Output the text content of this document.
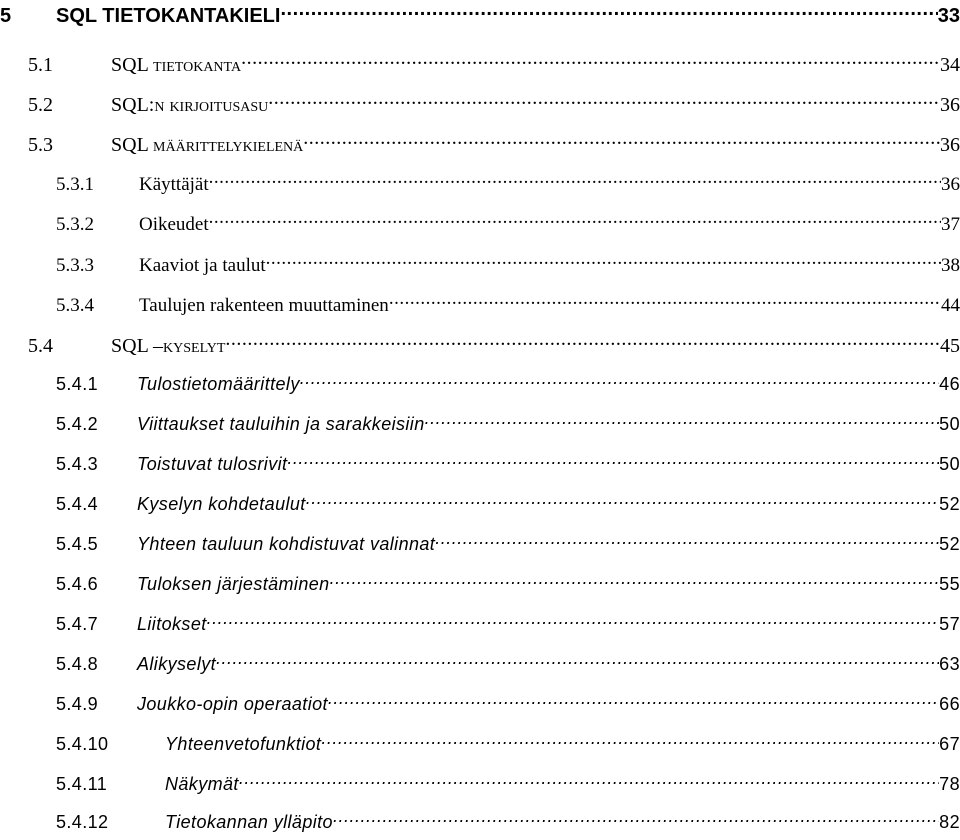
5	SQL TIETOKANTAKIELI .....	33
5.1	SQL tietokanta .....	34
5.2	SQL:n kirjoitusasu .....	36
5.3	SQL määrittelykielenä .....	36
5.3.1	Käyttäjät .....	36
5.3.2	Oikeudet .....	37
5.3.3	Kaaviot ja taulut .....	38
5.3.4	Taulujen rakenteen muuttaminen .....	44
5.4	SQL –kyselyt .....	45
5.4.1	Tulostietomäärittely .....	46
5.4.2	Viittaukset tauluihin ja sarakkeisiin .....	50
5.4.3	Toistuvat tulosrivit .....	50
5.4.4	Kyselyn kohdetaulut .....	52
5.4.5	Yhteen tauluun kohdistuvat valinnat .....	52
5.4.6	Tuloksen järjestäminen .....	55
5.4.7	Liitokset .....	57
5.4.8	Alikyselyt .....	63
5.4.9	Joukko-opin operaatiot .....	66
5.4.10	Yhteenvetofunktiot .....	67
5.4.11	Näkymät .....	78
5.4.12	Tietokannan ylläpito .....	82
